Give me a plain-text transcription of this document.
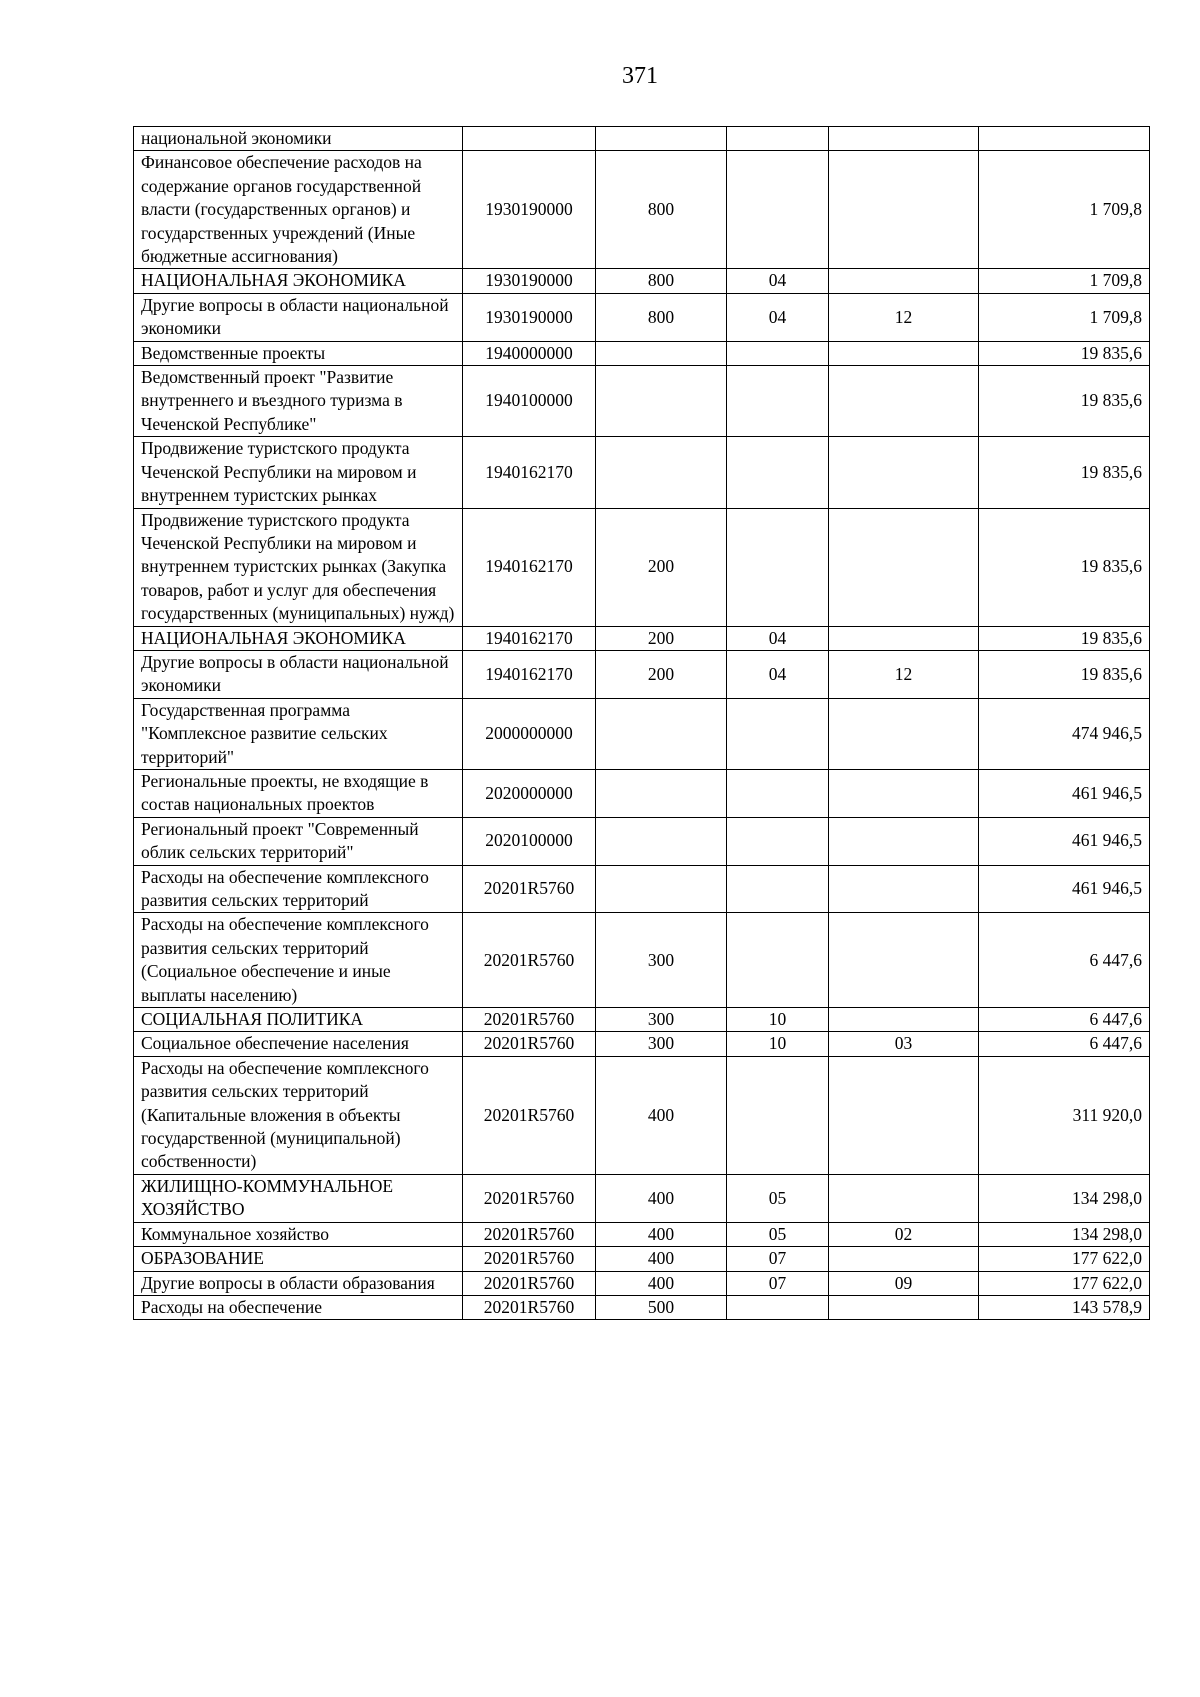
371
национальной экономики					
Финансовое обеспечение расходов на содержание органов государственной власти (государственных органов) и государственных учреждений (Иные бюджетные ассигнования)	1930190000	800			1 709,8
НАЦИОНАЛЬНАЯ ЭКОНОМИКА	1930190000	800	04		1 709,8
Другие вопросы в области национальной экономики	1930190000	800	04	12	1 709,8
Ведомственные проекты	1940000000				19 835,6
Ведомственный проект "Развитие внутреннего и въездного туризма в Чеченской Республике"	1940100000				19 835,6
Продвижение туристского продукта Чеченской Республики на мировом и внутреннем туристских рынках	1940162170				19 835,6
Продвижение туристского продукта Чеченской Республики на мировом и внутреннем туристских рынках (Закупка товаров, работ и услуг для обеспечения государственных (муниципальных) нужд)	1940162170	200			19 835,6
НАЦИОНАЛЬНАЯ ЭКОНОМИКА	1940162170	200	04		19 835,6
Другие вопросы в области национальной экономики	1940162170	200	04	12	19 835,6
Государственная программа "Комплексное развитие сельских территорий"	2000000000				474 946,5
Региональные проекты, не входящие в состав национальных проектов	2020000000				461 946,5
Региональный проект "Современный облик сельских территорий"	2020100000				461 946,5
Расходы на обеспечение комплексного развития сельских территорий	20201R5760				461 946,5
Расходы на обеспечение комплексного развития сельских территорий (Социальное обеспечение и иные выплаты населению)	20201R5760	300			6 447,6
СОЦИАЛЬНАЯ ПОЛИТИКА	20201R5760	300	10		6 447,6
Социальное обеспечение населения	20201R5760	300	10	03	6 447,6
Расходы на обеспечение комплексного развития сельских территорий (Капитальные вложения в объекты государственной (муниципальной) собственности)	20201R5760	400			311 920,0
ЖИЛИЩНО-КОММУНАЛЬНОЕ ХОЗЯЙСТВО	20201R5760	400	05		134 298,0
Коммунальное хозяйство	20201R5760	400	05	02	134 298,0
ОБРАЗОВАНИЕ	20201R5760	400	07		177 622,0
Другие вопросы в области образования	20201R5760	400	07	09	177 622,0
Расходы на обеспечение	20201R5760	500			143 578,9
